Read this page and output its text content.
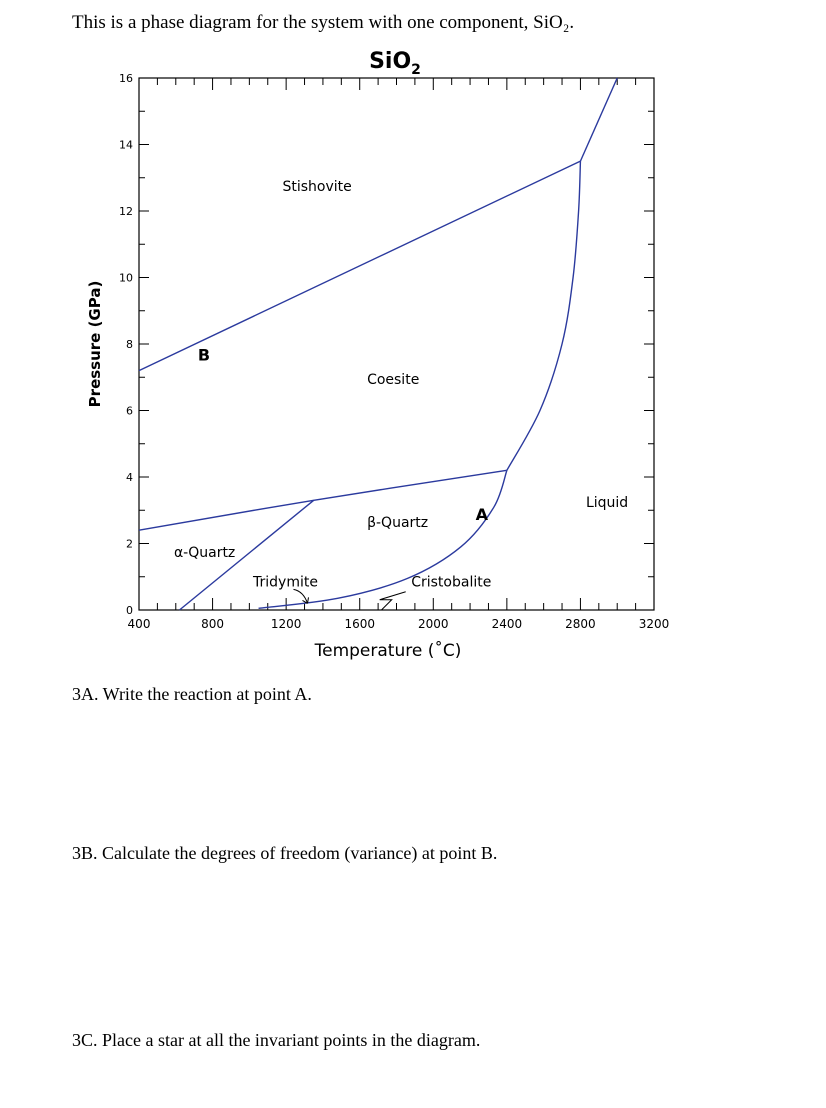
This is a phase diagram for the system with one component, SiO₂.
SiO$_2$
Temperature (˚C)
Pressure (GPa)
0
2
4
6
8
10
12
14
16
400	800	1200	1600	2000	2400	2800	3200
Stishovite
Coesite
β-Quartz
α-Quartz
Liquid
Tridymite	Cristobalite
B
A
3A. Write the reaction at point A.
3B. Calculate the degrees of freedom (variance) at point B.
3C. Place a star at all the invariant points in the diagram.
